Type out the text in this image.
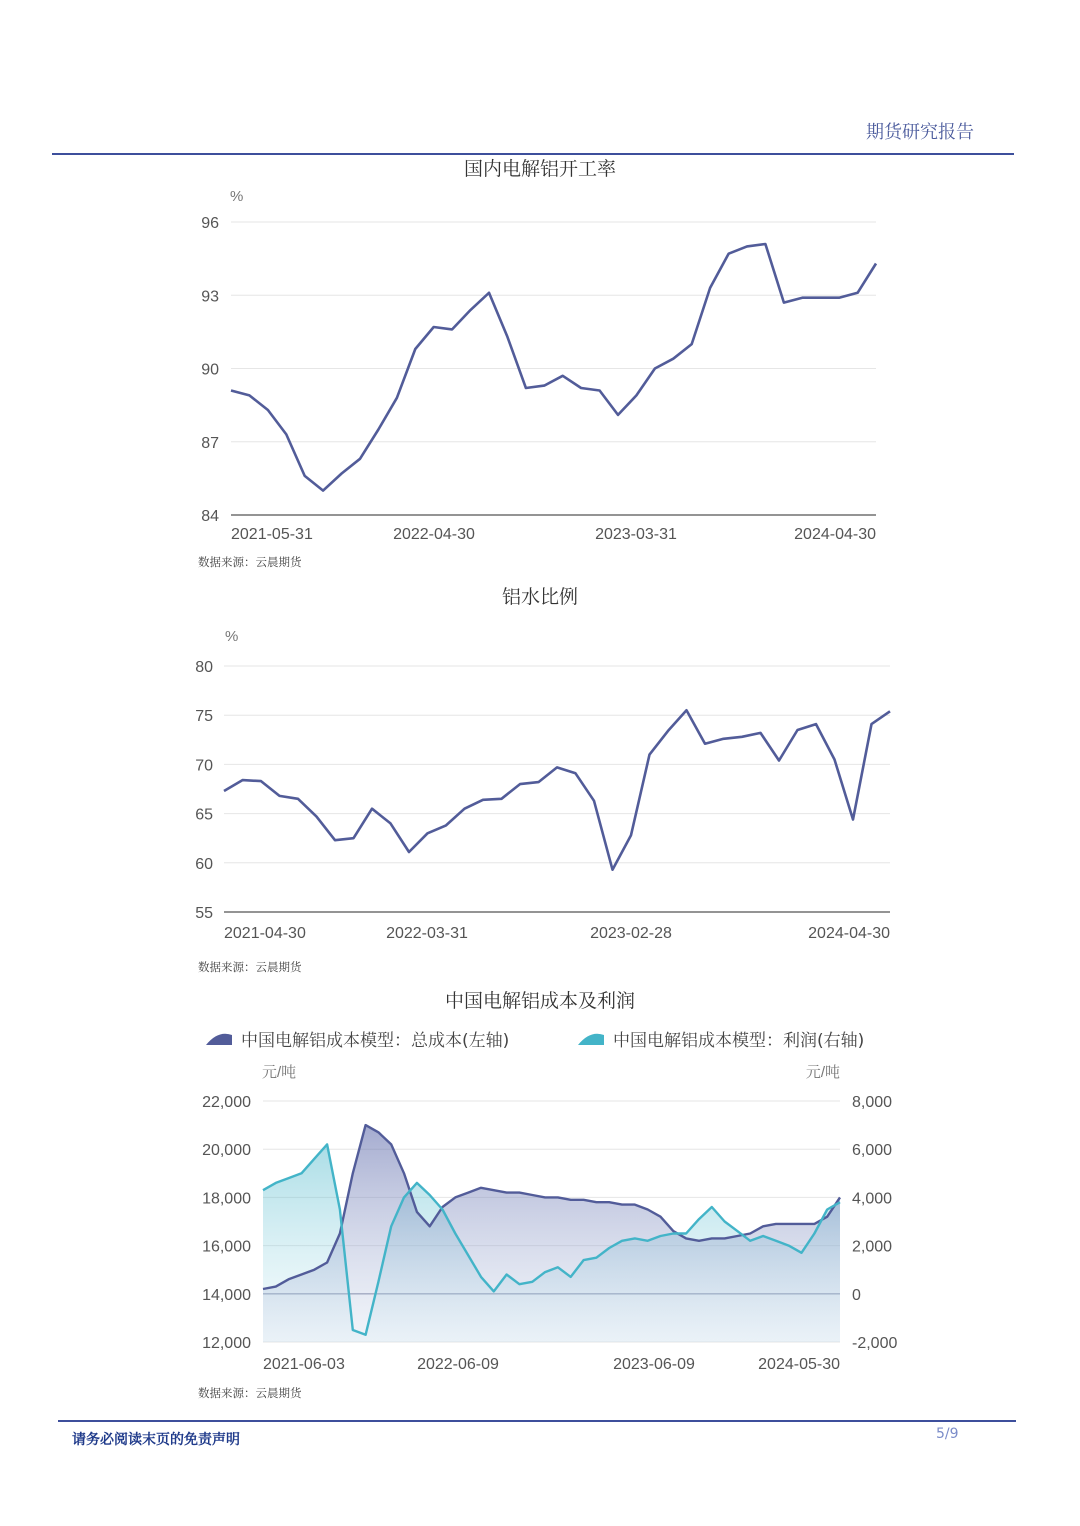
期货研究报告
国内电解铝开工率
%
96
93
90
87
84
2021-05-31	2022-04-30	2023-03-31	2024-04-30
数据来源：云晨期货
铝水比例
%
80
75
70
65
60
55
2021-04-30	2022-03-31	2023-02-28	2024-04-30
数据来源：云晨期货
中国电解铝成本及利润
中国电解铝成本模型：总成本(左轴)	中国电解铝成本模型：利润(右轴)
元/吨	元/吨
22,000
20,000
18,000
16,000
14,000
12,000
8,000
6,000
4,000
2,000
0
-2,000
2021-06-03	2022-06-09	2023-06-09	2024-05-30
数据来源：云晨期货
请务必阅读末页的免责声明	5/9
